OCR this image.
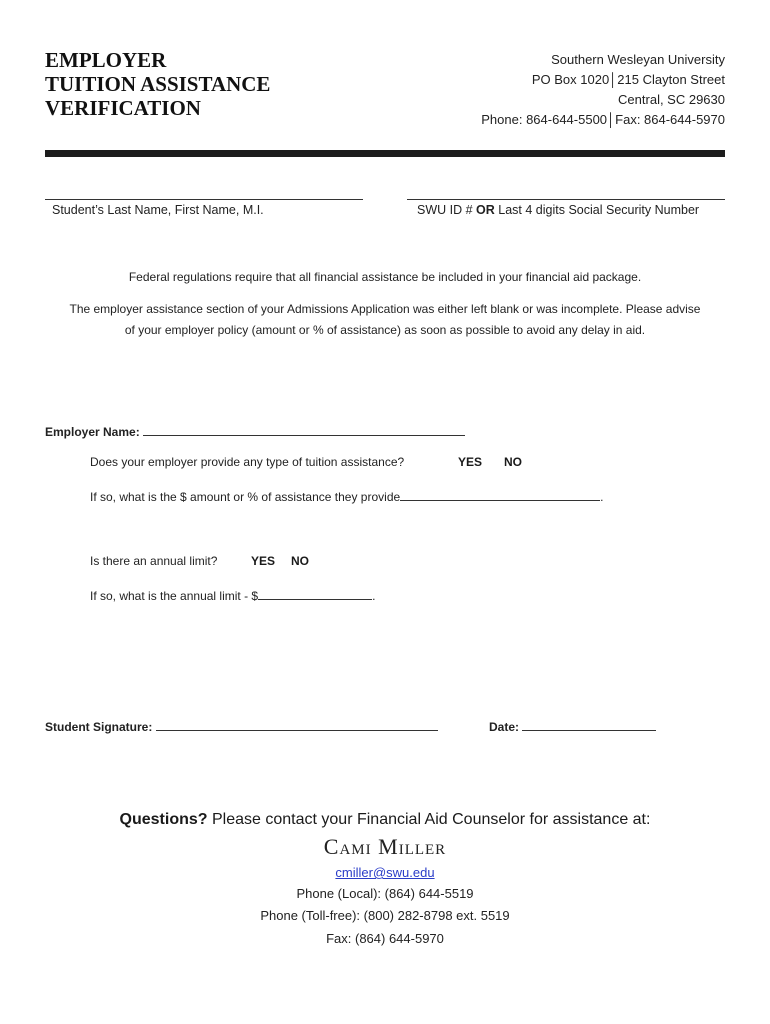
EMPLOYER
TUITION ASSISTANCE
VERIFICATION
Southern Wesleyan University
PO Box 1020│215 Clayton Street
Central, SC 29630
Phone: 864-644-5500│Fax: 864-644-5970
Student’s Last Name, First Name, M.I.	SWU ID # OR Last 4 digits Social Security Number
Federal regulations require that all financial assistance be included in your financial aid package.
The employer assistance section of your Admissions Application was either left blank or was incomplete. Please advise
of your employer policy (amount or % of assistance) as soon as possible to avoid any delay in aid.
Employer Name:
Does your employer provide any type of tuition assistance?	YES NO
If so, what is the $ amount or % of assistance they provide	.
Is there an annual limit?	YES NO
If so, what is the annual limit - $	.
Student Signature:	Date:
Questions? Please contact your Financial Aid Counselor for assistance at:
Cami Miller
cmiller@swu.edu
Phone (Local): (864) 644-5519
Phone (Toll-free): (800) 282-8798 ext. 5519
Fax: (864) 644-5970
